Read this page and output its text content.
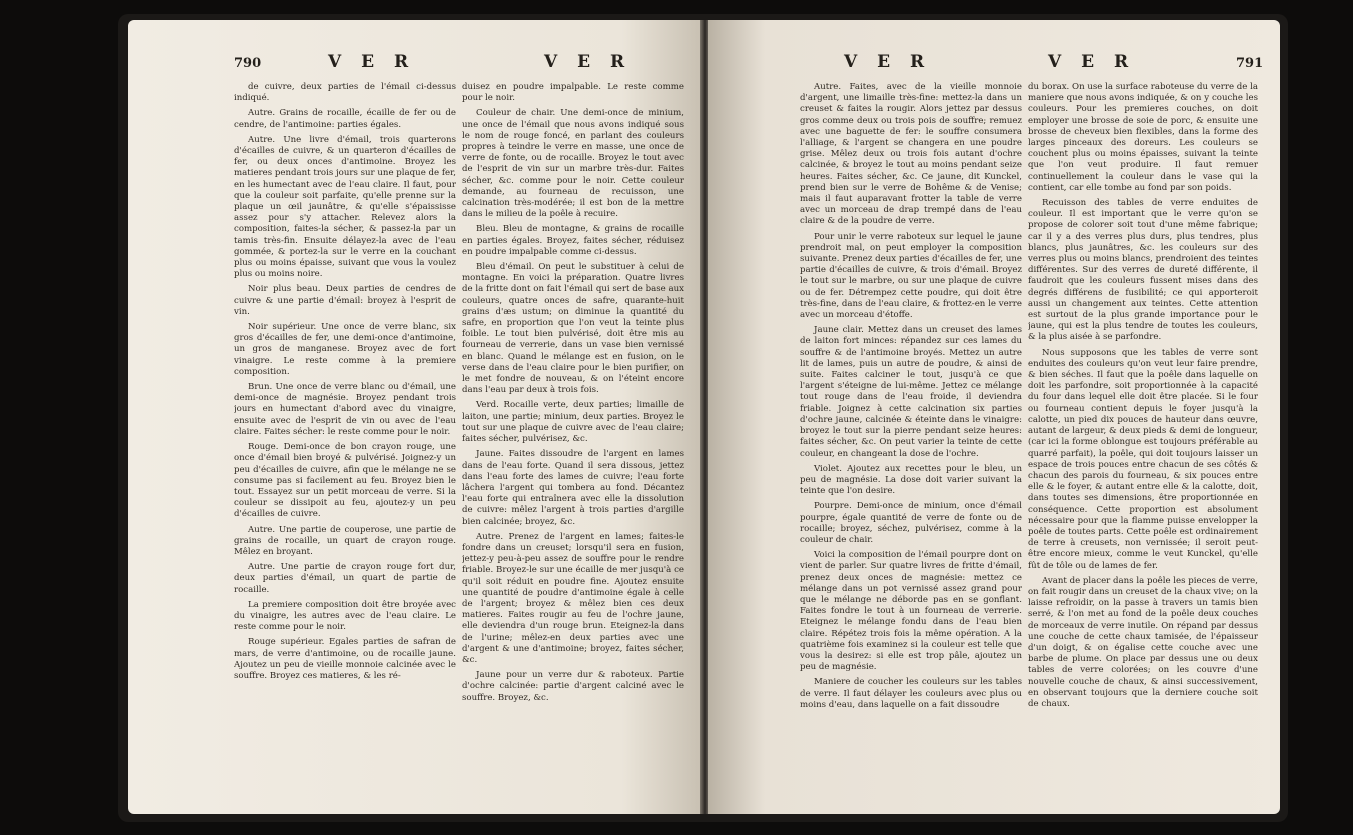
790	V E R	V E R

de cuivre, deux parties de l'émail ci-dessus indiqué.

Autre. Grains de rocaille, écaille de fer ou de cendre, de l'antimoine: parties égales.

Autre. Une livre d'émail, trois quarterons d'écailles de cuivre, & un quarteron d'écailles de fer, ou deux onces d'antimoine. Broyez les matieres pendant trois jours sur une plaque de fer, en les humectant avec de l'eau claire. Il faut, pour que la couleur soit parfaite, qu'elle prenne sur la plaque un œil jaunâtre, & qu'elle s'épaississe assez pour s'y attacher. Relevez alors la composition, faites-la sécher, & passez-la par un tamis très-fin. Ensuite délayez-la avec de l'eau gommée, & portez-la sur le verre en la couchant plus ou moins épaisse, suivant que vous la voulez plus ou moins noire.

Noir plus beau. Deux parties de cendres de cuivre & une partie d'émail: broyez à l'esprit de vin.

Noir supérieur. Une once de verre blanc, six gros d'écailles de fer, une demi-once d'antimoine, un gros de manganese. Broyez avec de fort vinaigre. Le reste comme à la premiere composition.

Brun. Une once de verre blanc ou d'émail, une demi-once de magnésie. Broyez pendant trois jours en humectant d'abord avec du vinaigre, ensuite avec de l'esprit de vin ou avec de l'eau claire. Faites sécher: le reste comme pour le noir.

Rouge. Demi-once de bon crayon rouge, une once d'émail bien broyé & pulvérisé. Joignez-y un peu d'écailles de cuivre, afin que le mélange ne se consume pas si facilement au feu. Broyez bien le tout. Essayez sur un petit morceau de verre. Si la couleur se dissipoit au feu, ajoutez-y un peu d'écailles de cuivre.

Autre. Une partie de couperose, une partie de grains de rocaille, un quart de crayon rouge. Mêlez en broyant.

Autre. Une partie de crayon rouge fort dur, deux parties d'émail, un quart de partie de rocaille.

La premiere composition doit être broyée avec du vinaigre, les autres avec de l'eau claire. Le reste comme pour le noir.

Rouge supérieur. Egales parties de safran de mars, de verre d'antimoine, ou de rocaille jaune. Ajoutez un peu de vieille monnoie calcinée avec le souffre. Broyez ces matieres, & les ré-

duisez en poudre impalpable. Le reste comme pour le noir.

Couleur de chair. Une demi-once de minium, une once de l'émail que nous avons indiqué sous le nom de rouge foncé, en parlant des couleurs propres à teindre le verre en masse, une once de verre de fonte, ou de rocaille. Broyez le tout avec de l'esprit de vin sur un marbre très-dur. Faites sécher, &c. comme pour le noir. Cette couleur demande, au fourneau de recuisson, une calcination très-modérée; il est bon de la mettre dans le milieu de la poêle à recuire.

Bleu. Bleu de montagne, & grains de rocaille en parties égales. Broyez, faites sécher, réduisez en poudre impalpable comme ci-dessus.

Bleu d'émail. On peut le substituer à celui de montagne. En voici la préparation. Quatre livres de la fritte dont on fait l'émail qui sert de base aux couleurs, quatre onces de safre, quarante-huit grains d'æs ustum; on diminue la quantité du safre, en proportion que l'on veut la teinte plus foible. Le tout bien pulvérisé, doit être mis au fourneau de verrerie, dans un vase bien vernissé en blanc. Quand le mélange est en fusion, on le verse dans de l'eau claire pour le bien purifier, on le met fondre de nouveau, & on l'éteint encore dans l'eau par deux à trois fois.

Verd. Rocaille verte, deux parties; limaille de laiton, une partie; minium, deux parties. Broyez le tout sur une plaque de cuivre avec de l'eau claire; faites sécher, pulvérisez, &c.

Jaune. Faites dissoudre de l'argent en lames dans de l'eau forte. Quand il sera dissous, jettez dans l'eau forte des lames de cuivre; l'eau forte lâchera l'argent qui tombera au fond. Décantez l'eau forte qui entraînera avec elle la dissolution de cuivre: mêlez l'argent à trois parties d'argille bien calcinée; broyez, &c.

Autre. Prenez de l'argent en lames; faites-le fondre dans un creuset; lorsqu'il sera en fusion, jettez-y peu-à-peu assez de souffre pour le rendre friable. Broyez-le sur une écaille de mer jusqu'à ce qu'il soit réduit en poudre fine. Ajoutez ensuite une quantité de poudre d'antimoine égale à celle de l'argent; broyez & mêlez bien ces deux matieres. Faites rougir au feu de l'ochre jaune, elle deviendra d'un rouge brun. Eteignez-la dans de l'urine; mêlez-en deux parties avec une d'argent & une d'antimoine; broyez, faites sécher, &c.

Jaune pour un verre dur & raboteux. Partie d'ochre calcinée: partie d'argent calciné avec le souffre. Broyez, &c.

V E R	V E R	791

Autre. Faites, avec de la vieille monnoie d'argent, une limaille très-fine: mettez-la dans un creuset & faites la rougir. Alors jettez par dessus gros comme deux ou trois pois de souffre; remuez avec une baguette de fer: le souffre consumera l'alliage, & l'argent se changera en une poudre grise. Mêlez deux ou trois fois autant d'ochre calcinée, & broyez le tout au moins pendant seize heures. Faites sécher, &c. Ce jaune, dit Kunckel, prend bien sur le verre de Bohême & de Venise; mais il faut auparavant frotter la table de verre avec un morceau de drap trempé dans de l'eau claire & de la poudre de verre.

Pour unir le verre raboteux sur lequel le jaune prendroit mal, on peut employer la composition suivante. Prenez deux parties d'écailles de fer, une partie d'écailles de cuivre, & trois d'émail. Broyez le tout sur le marbre, ou sur une plaque de cuivre ou de fer. Détrempez cette poudre, qui doit être très-fine, dans de l'eau claire, & frottez-en le verre avec un morceau d'étoffe.

Jaune clair. Mettez dans un creuset des lames de laiton fort minces: répandez sur ces lames du souffre & de l'antimoine broyés. Mettez un autre lit de lames, puis un autre de poudre, & ainsi de suite. Faites calciner le tout, jusqu'à ce que l'argent s'éteigne de lui-même. Jettez ce mélange tout rouge dans de l'eau froide, il deviendra friable. Joignez à cette calcination six parties d'ochre jaune, calcinée & éteinte dans le vinaigre: broyez le tout sur la pierre pendant seize heures: faites sécher, &c. On peut varier la teinte de cette couleur, en changeant la dose de l'ochre.

Violet. Ajoutez aux recettes pour le bleu, un peu de magnésie. La dose doit varier suivant la teinte que l'on desire.

Pourpre. Demi-once de minium, once d'émail pourpre, égale quantité de verre de fonte ou de rocaille; broyez, séchez, pulvérisez, comme à la couleur de chair.

Voici la composition de l'émail pourpre dont on vient de parler. Sur quatre livres de fritte d'émail, prenez deux onces de magnésie: mettez ce mélange dans un pot vernissé assez grand pour que le mélange ne déborde pas en se gonflant. Faites fondre le tout à un fourneau de verrerie. Eteignez le mélange fondu dans de l'eau bien claire. Répétez trois fois la même opération. A la quatrième fois examinez si la couleur est telle que vous la desirez: si elle est trop pâle, ajoutez un peu de magnésie.

Maniere de coucher les couleurs sur les tables de verre. Il faut délayer les couleurs avec plus ou moins d'eau, dans laquelle on a fait dissoudre

du borax. On use la surface raboteuse du verre de la maniere que nous avons indiquée, & on y couche les couleurs. Pour les premieres couches, on doit employer une brosse de soie de porc, & ensuite une brosse de cheveux bien flexibles, dans la forme des larges pinceaux des doreurs. Les couleurs se couchent plus ou moins épaisses, suivant la teinte que l'on veut produire. Il faut remuer continuellement la couleur dans le vase qui la contient, car elle tombe au fond par son poids.

Recuisson des tables de verre enduites de couleur. Il est important que le verre qu'on se propose de colorer soit tout d'une même fabrique; car il y a des verres plus durs, plus tendres, plus blancs, plus jaunâtres, &c. les couleurs sur des verres plus ou moins blancs, prendroient des teintes différentes. Sur des verres de dureté différente, il faudroit que les couleurs fussent mises dans des degrés différens de fusibilité; ce qui apporteroit aussi un changement aux teintes. Cette attention est surtout de la plus grande importance pour le jaune, qui est la plus tendre de toutes les couleurs, & la plus aisée à se parfondre.

Nous supposons que les tables de verre sont enduites des couleurs qu'on veut leur faire prendre, & bien séches. Il faut que la poêle dans laquelle on doit les parfondre, soit proportionnée à la capacité du four dans lequel elle doit être placée. Si le four ou fourneau contient depuis le foyer jusqu'à la calotte, un pied dix pouces de hauteur dans œuvre, autant de largeur, & deux pieds & demi de longueur, (car ici la forme oblongue est toujours préférable au quarré parfait), la poêle, qui doit toujours laisser un espace de trois pouces entre chacun de ses côtés & chacun des parois du fourneau, & six pouces entre elle & le foyer, & autant entre elle & la calotte, doit, dans toutes ses dimensions, être proportionnée en conséquence. Cette proportion est absolument nécessaire pour que la flamme puisse envelopper la poêle de toutes parts. Cette poêle est ordinairement de terre à creusets, non vernissée; il seroit peut-être encore mieux, comme le veut Kunckel, qu'elle fût de tôle ou de lames de fer.

Avant de placer dans la poêle les pieces de verre, on fait rougir dans un creuset de la chaux vive; on la laisse refroidir, on la passe à travers un tamis bien serré, & l'on met au fond de la poêle deux couches de morceaux de verre inutile. On répand par dessus une couche de cette chaux tamisée, de l'épaisseur d'un doigt, & on égalise cette couche avec une barbe de plume. On place par dessus une ou deux tables de verre colorées; on les couvre d'une nouvelle couche de chaux, & ainsi successivement, en observant toujours que la derniere couche soit de chaux.
